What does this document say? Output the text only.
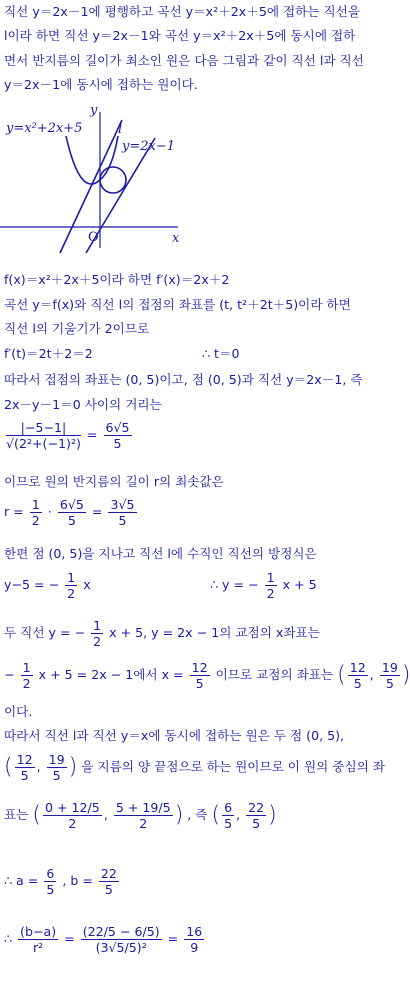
직선 y＝2x－1에 평행하고 곡선 y＝x²＋2x＋5에 접하는 직선을
l이라 하면 직선 y＝2x－1와 곡선 y＝x²＋2x＋5에 동시에 접하
면서 반지름의 길이가 최소인 원은 다음 그림과 같이 직선 l과 직선
y＝2x－1에 동시에 접하는 원이다.
y=x²+2x+5	l
y=2x−1
y
x
O
f(x)＝x²＋2x＋5이라 하면 f′(x)＝2x＋2
곡선 y＝f(x)와 직선 l의 접점의 좌표를 (t, t²＋2t＋5)이라 하면
직선 l의 기울기가 2이므로
f′(t)＝2t＋2＝2	∴ t＝0
따라서 접점의 좌표는 (0, 5)이고, 점 (0, 5)과 직선 y＝2x－1, 즉
2x－y－1＝0 사이의 거리는
$\frac{|-5-1|}{\text{√(2²+(−1)²)}} = \frac{6√5}{5}$
이므로 원의 반지름의 길이 r의 최솟값은
$r = \frac{1}{2} \cdot \frac{6√5}{5} = \frac{3√5}{5}$
한편 점 (0, 5)을 지나고 직선 l에 수직인 직선의 방정식은
y−5 = − $\frac{1}{2}$ x	∴ y = − $\frac{1}{2}$ x + 5
두 직선 y = − $\frac{1}{2}$ x + 5, y = 2x − 1의 교점의 x좌표는
− $\frac{1}{2}$ x + 5 = 2x − 1에서 $x = \frac{12}{5}$ 이므로 교점의 좌표는 ( $\frac{12}{5}$ , $\frac{19}{5}$ )
이다.
따라서 직선 l과 직선 y＝x에 동시에 접하는 원은 두 점 (0, 5),
( $\frac{12}{5}$ , $\frac{19}{5}$ ) 을 지름의 양 끝점으로 하는 원이므로 이 원의 중심의 좌
표는 ( $\frac{0 + 12/5}{2}$ , $\frac{5 + 19/5}{2}$ ) , 즉 ( $\frac{6}{5}$ , $\frac{22}{5}$ )
∴ $a = \frac{6}{5}$ , $b = \frac{22}{5}$
∴ $\frac{(b-a)}{\text{r²}} = \frac{(22/5 - 6/5)}{\text{(3√5/5)²}} = \frac{16}{9}$
